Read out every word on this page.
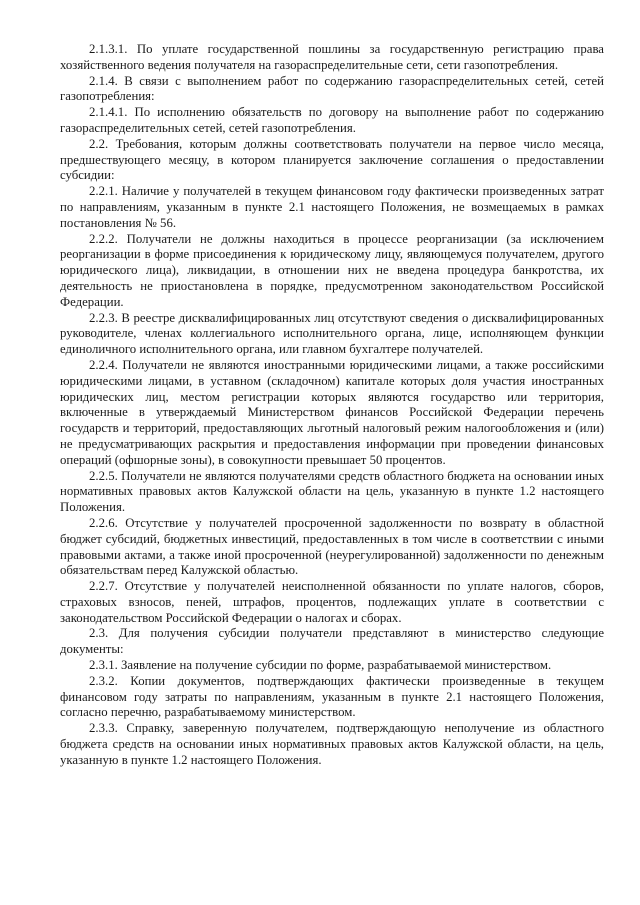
2.1.3.1. По уплате государственной пошлины за государственную регистрацию права хозяйственного ведения получателя на газораспределительные сети, сети газопотребления.

2.1.4. В связи с выполнением работ по содержанию газораспределительных сетей, сетей газопотребления:

2.1.4.1. По исполнению обязательств по договору на выполнение работ по содержанию газораспределительных сетей, сетей газопотребления.

2.2. Требования, которым должны соответствовать получатели на первое число месяца, предшествующего месяцу, в котором планируется заключение соглашения о предоставлении субсидии:

2.2.1. Наличие у получателей в текущем финансовом году фактически произведенных затрат по направлениям, указанным в пункте 2.1 настоящего Положения, не возмещаемых в рамках постановления № 56.

2.2.2. Получатели не должны находиться в процессе реорганизации (за исключением реорганизации в форме присоединения к юридическому лицу, являющемуся получателем, другого юридического лица), ликвидации, в отношении них не введена процедура банкротства, их деятельность не приостановлена в порядке, предусмотренном законодательством Российской Федерации.

2.2.3. В реестре дисквалифицированных лиц отсутствуют сведения о дисквалифицированных руководителе, членах коллегиального исполнительного органа, лице, исполняющем функции единоличного исполнительного органа, или главном бухгалтере получателей.

2.2.4. Получатели не являются иностранными юридическими лицами, а также российскими юридическими лицами, в уставном (складочном) капитале которых доля участия иностранных юридических лиц, местом регистрации которых являются государство или территория, включенные в утверждаемый Министерством финансов Российской Федерации перечень государств и территорий, предоставляющих льготный налоговый режим налогообложения и (или) не предусматривающих раскрытия и предоставления информации при проведении финансовых операций (офшорные зоны), в совокупности превышает 50 процентов.

2.2.5. Получатели не являются получателями средств областного бюджета на основании иных нормативных правовых актов Калужской области на цель, указанную в пункте 1.2 настоящего Положения.

2.2.6. Отсутствие у получателей просроченной задолженности по возврату в областной бюджет субсидий, бюджетных инвестиций, предоставленных в том числе в соответствии с иными правовыми актами, а также иной просроченной (неурегулированной) задолженности по денежным обязательствам перед Калужской областью.

2.2.7. Отсутствие у получателей неисполненной обязанности по уплате налогов, сборов, страховых взносов, пеней, штрафов, процентов, подлежащих уплате в соответствии с законодательством Российской Федерации о налогах и сборах.

2.3. Для получения субсидии получатели представляют в министерство следующие документы:

2.3.1. Заявление на получение субсидии по форме, разрабатываемой министерством.

2.3.2. Копии документов, подтверждающих фактически произведенные в текущем финансовом году затраты по направлениям, указанным в пункте 2.1 настоящего Положения, согласно перечню, разрабатываемому министерством.

2.3.3. Справку, заверенную получателем, подтверждающую неполучение из областного бюджета средств на основании иных нормативных правовых актов Калужской области, на цель, указанную в пункте 1.2 настоящего Положения.
